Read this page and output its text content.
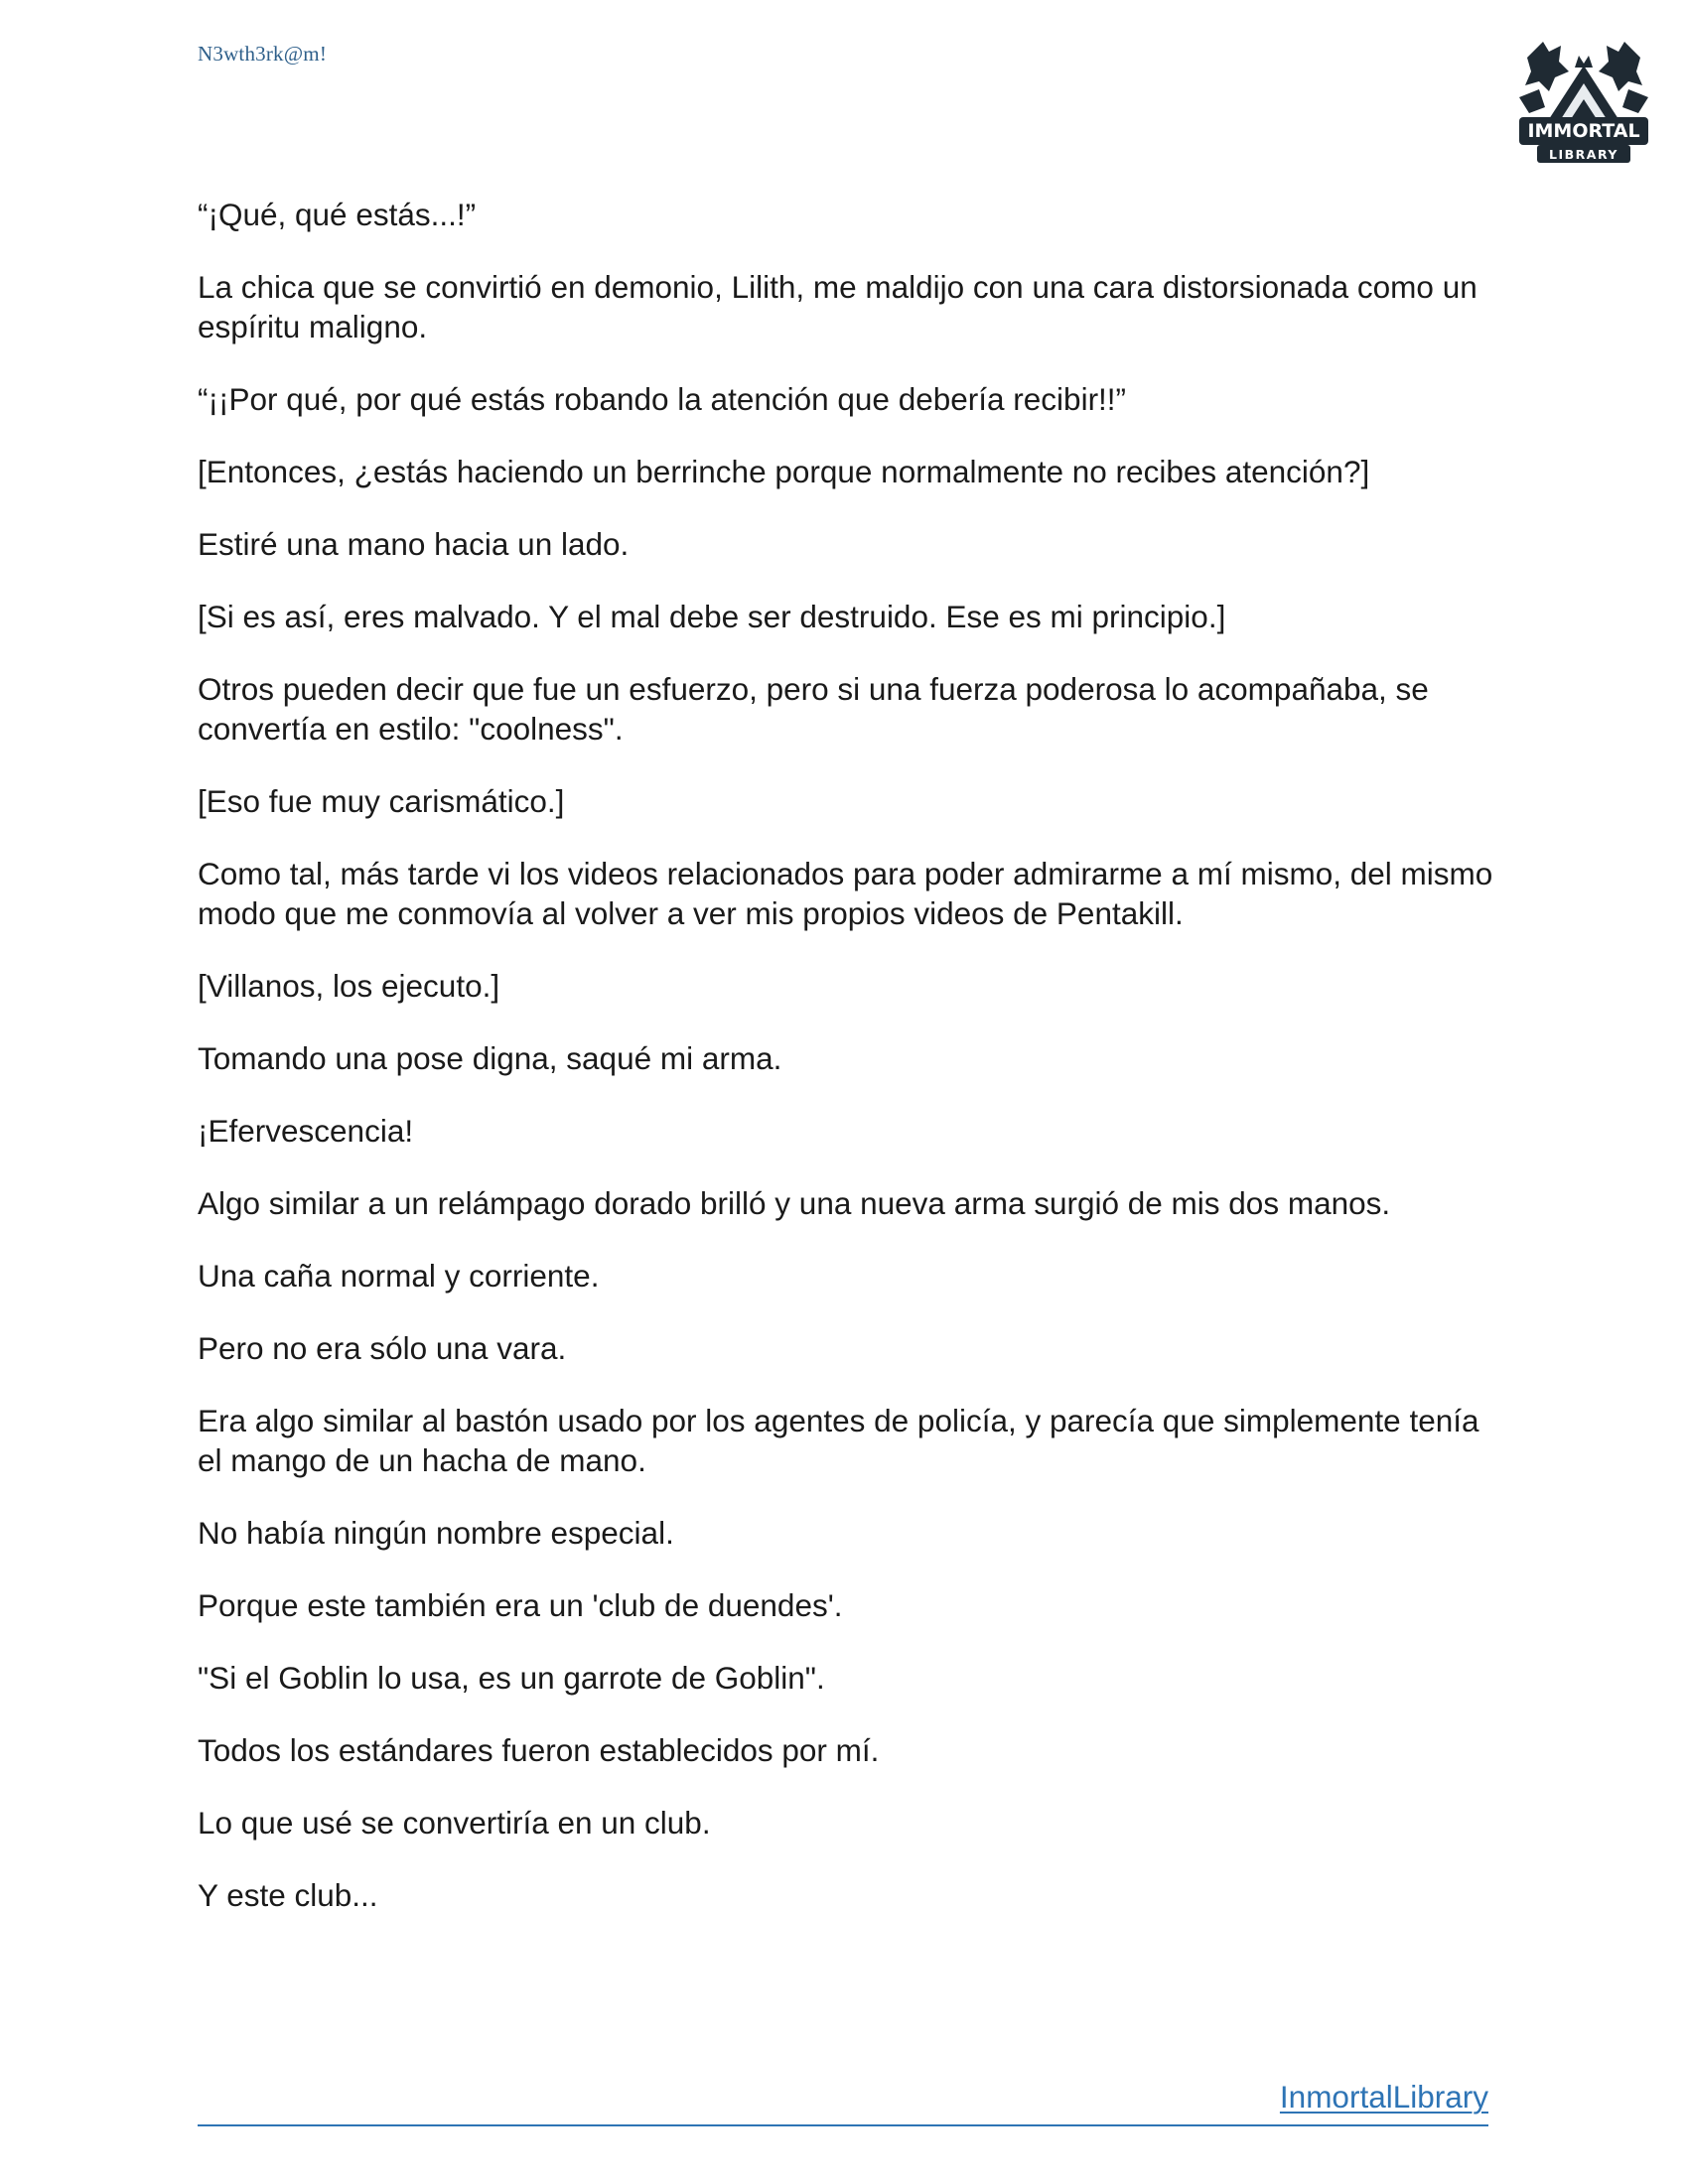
N3wth3rk@m!
IMMORTAL
LIBRARY

“¡Qué, qué estás...!”

La chica que se convirtió en demonio, Lilith, me maldijo con una cara distorsionada como un espíritu maligno.

“¡¡Por qué, por qué estás robando la atención que debería recibir!!”

[Entonces, ¿estás haciendo un berrinche porque normalmente no recibes atención?]

Estiré una mano hacia un lado.

[Si es así, eres malvado. Y el mal debe ser destruido. Ese es mi principio.]

Otros pueden decir que fue un esfuerzo, pero si una fuerza poderosa lo acompañaba, se convertía en estilo: "coolness".

[Eso fue muy carismático.]

Como tal, más tarde vi los videos relacionados para poder admirarme a mí mismo, del mismo modo que me conmovía al volver a ver mis propios videos de Pentakill.

[Villanos, los ejecuto.]

Tomando una pose digna, saqué mi arma.

¡Efervescencia!

Algo similar a un relámpago dorado brilló y una nueva arma surgió de mis dos manos.

Una caña normal y corriente.

Pero no era sólo una vara.

Era algo similar al bastón usado por los agentes de policía, y parecía que simplemente tenía el mango de un hacha de mano.

No había ningún nombre especial.

Porque este también era un 'club de duendes'.

"Si el Goblin lo usa, es un garrote de Goblin".

Todos los estándares fueron establecidos por mí.

Lo que usé se convertiría en un club.

Y este club...

InmortalLibrary
